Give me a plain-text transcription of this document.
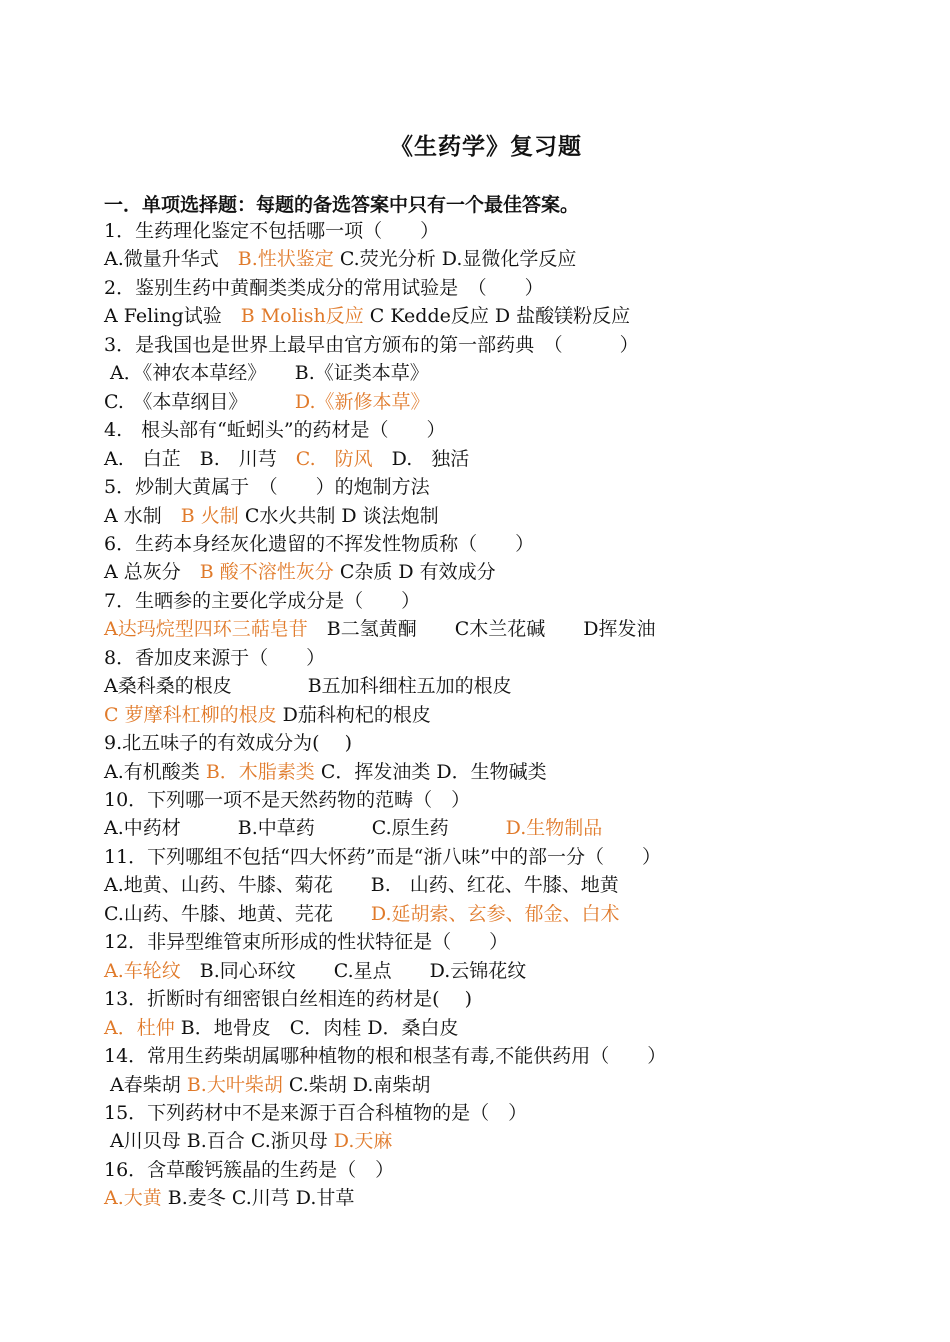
《生药学》复习题
一．单项选择题：每题的备选答案中只有一个最佳答案。
1．生药理化鉴定不包括哪一项（　　）
A.微量升华式　B.性状鉴定 C.荧光分析 D.显微化学反应
2．鉴别生药中黄酮类类成分的常用试验是　（　　）
A Feling试验　B Molish反应 C Kedde反应 D 盐酸镁粉反应
3．是我国也是世界上最早由官方颁布的第一部药典　（　　　）
A．《神农本草经》　　B.《证类本草》
C.　《本草纲目》　　　D.《新修本草》
4.　根头部有“蚯蚓头”的药材是（　　）
A.　白芷　B.　川芎　C.　防风　D.　独活
5．炒制大黄属于　（　　）的炮制方法
A 水制　B 火制 C水火共制 D 谈法炮制
6．生药本身经灰化遗留的不挥发性物质称（　　）
A 总灰分　B 酸不溶性灰分 C杂质 D 有效成分
7．生晒参的主要化学成分是（　　）
A达玛烷型四环三萜皂苷　B二氢黄酮　　C木兰花碱　　D挥发油
8．香加皮来源于（　　）
A桑科桑的根皮　　　　B五加科细柱五加的根皮
C 萝摩科杠柳的根皮 D茄科枸杞的根皮
9.北五味子的有效成分为(　 )
A.有机酸类 B．木脂素类 C．挥发油类 D．生物碱类
10．下列哪一项不是天然药物的范畴（　）
A.中药材　　　B.中草药　　　C.原生药　　　D.生物制品
11．下列哪组不包括“四大怀药”而是“浙八味”中的部一分（　　）
A.地黄、山药、牛膝、菊花　　B.　山药、红花、牛膝、地黄
C.山药、牛膝、地黄、芫花　　D.延胡索、玄参、郁金、白术
12．非异型维管束所形成的性状特征是（　　）
A.车轮纹　B.同心环纹　　C.星点　　D.云锦花纹
13．折断时有细密银白丝相连的药材是(　 )
A．杜仲 B．地骨皮　C．肉桂 D．桑白皮
14．常用生药柴胡属哪种植物的根和根茎有毒,不能供药用（　　）
A春柴胡 B.大叶柴胡 C.柴胡 D.南柴胡
15．下列药材中不是来源于百合科植物的是（　）
A川贝母 B.百合 C.浙贝母 D.天麻
16．含草酸钙簇晶的生药是（　）
A.大黄 B.麦冬 C.川芎 D.甘草
